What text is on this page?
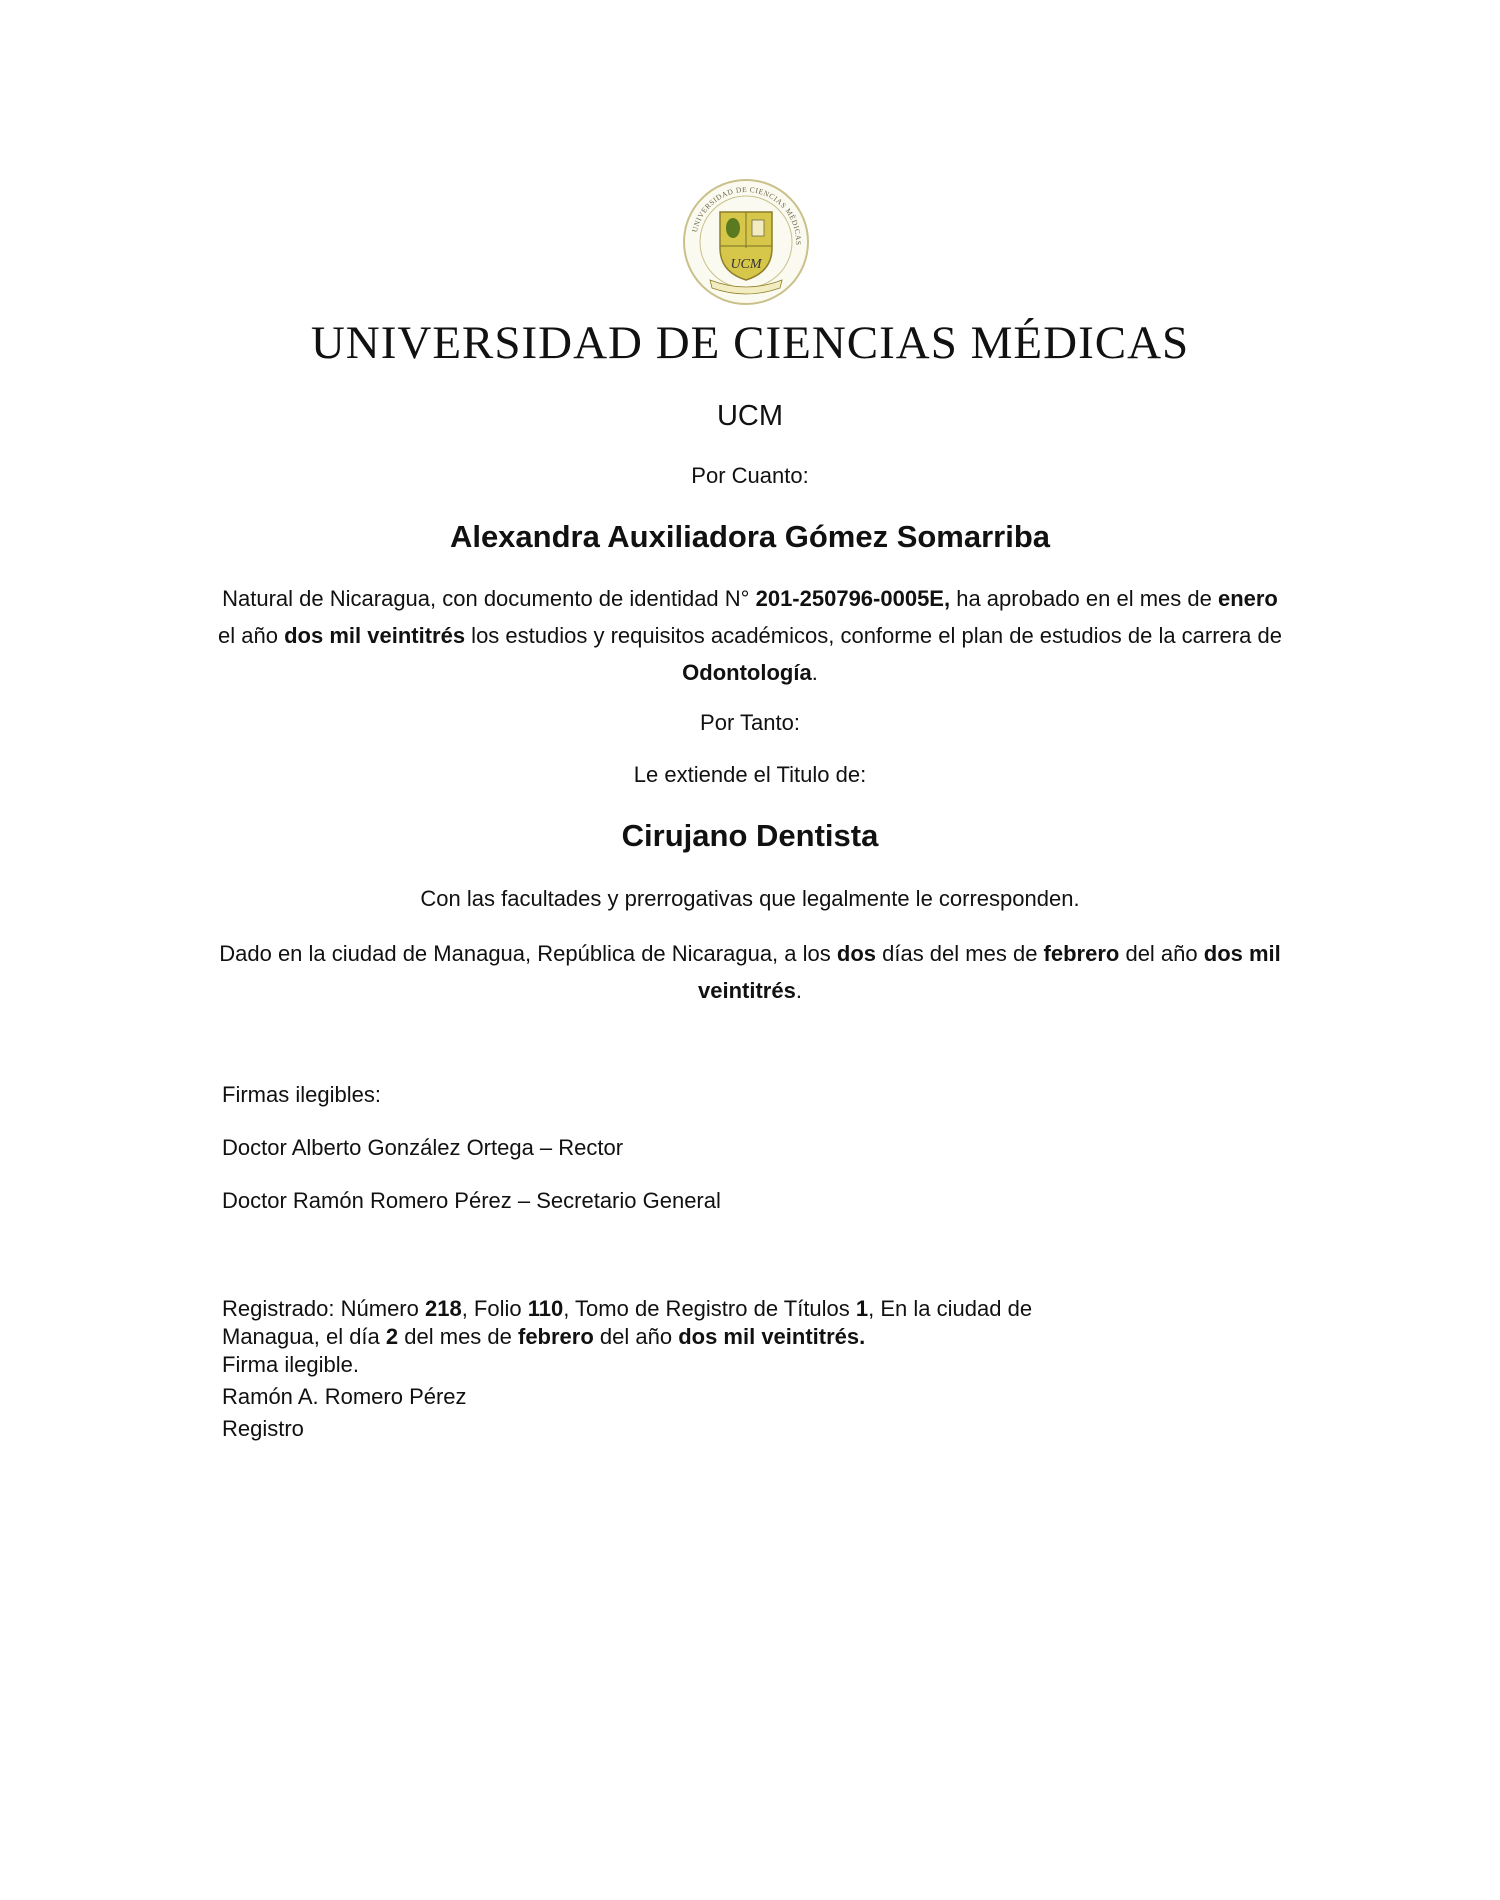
UNIVERSIDAD DE CIENCIAS MÉDICAS
UCM
UNIVERSIDAD DE CIENCIAS MÉDICAS
UCM
Por Cuanto:
Alexandra Auxiliadora Gómez Somarriba
Natural de Nicaragua, con documento de identidad N° 201-250796-0005E, ha aprobado en el mes de enero el año dos mil veintitrés los estudios y requisitos académicos, conforme el plan de estudios de la carrera de Odontología.
Por Tanto:
Le extiende el Titulo de:
Cirujano Dentista
Con las facultades y prerrogativas que legalmente le corresponden.
Dado en la ciudad de Managua, República de Nicaragua, a los dos días del mes de febrero del año dos mil veintitrés.
Firmas ilegibles:
Doctor Alberto González Ortega – Rector
Doctor Ramón Romero Pérez – Secretario General
Registrado: Número 218, Folio 110, Tomo de Registro de Títulos 1, En la ciudad de Managua, el día 2 del mes de febrero del año dos mil veintitrés.
Firma ilegible.
Ramón A. Romero Pérez
Registro
